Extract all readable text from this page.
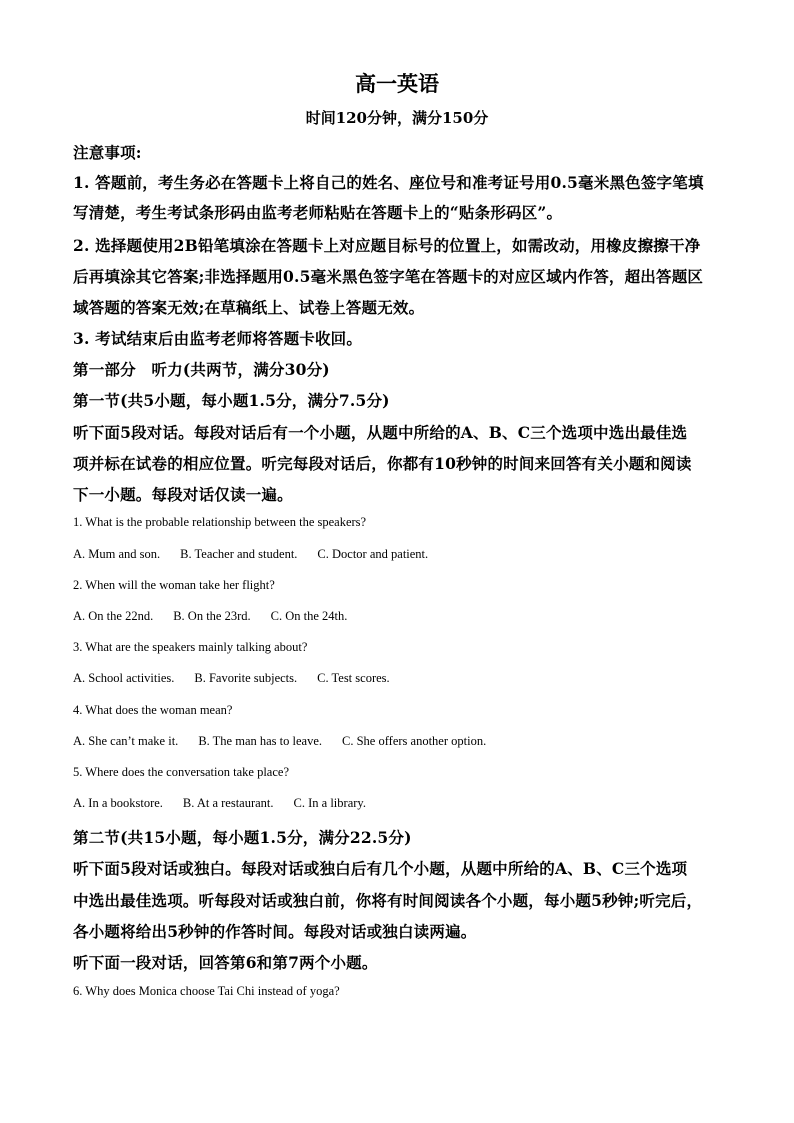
高一英语
时间120分钟，满分150分
注意事项:
1. 答题前，考生务必在答题卡上将自己的姓名、座位号和准考证号用0.5毫米黑色签字笔填
写清楚，考生考试条形码由监考老师粘贴在答题卡上的“贴条形码区”。
2. 选择题使用2B铅笔填涂在答题卡上对应题目标号的位置上，如需改动，用橡皮擦擦干净
后再填涂其它答案;非选择题用0.5毫米黑色签字笔在答题卡的对应区域内作答，超出答题区
域答题的答案无效;在草稿纸上、试卷上答题无效。
3. 考试结束后由监考老师将答题卡收回。
第一部分　听力(共两节，满分30分)
第一节(共5小题，每小题1.5分，满分7.5分)
听下面5段对话。每段对话后有一个小题，从题中所给的A、B、C三个选项中选出最佳选
项并标在试卷的相应位置。听完每段对话后，你都有10秒钟的时间来回答有关小题和阅读
下一小题。每段对话仅读一遍。
1. What is the probable relationship between the speakers?
A. Mum and son. B. Teacher and student. C. Doctor and patient.
2. When will the woman take her flight?
A. On the 22nd. B. On the 23rd. C. On the 24th.
3. What are the speakers mainly talking about?
A. School activities. B. Favorite subjects. C. Test scores.
4. What does the woman mean?
A. She can’t make it. B. The man has to leave. C. She offers another option.
5. Where does the conversation take place?
A. In a bookstore. B. At a restaurant. C. In a library.
第二节(共15小题，每小题1.5分，满分22.5分)
听下面5段对话或独白。每段对话或独白后有几个小题，从题中所给的A、B、C三个选项
中选出最佳选项。听每段对话或独白前，你将有时间阅读各个小题，每小题5秒钟;听完后，
各小题将给出5秒钟的作答时间。每段对话或独白读两遍。
听下面一段对话，回答第6和第7两个小题。
6. Why does Monica choose Tai Chi instead of yoga?
